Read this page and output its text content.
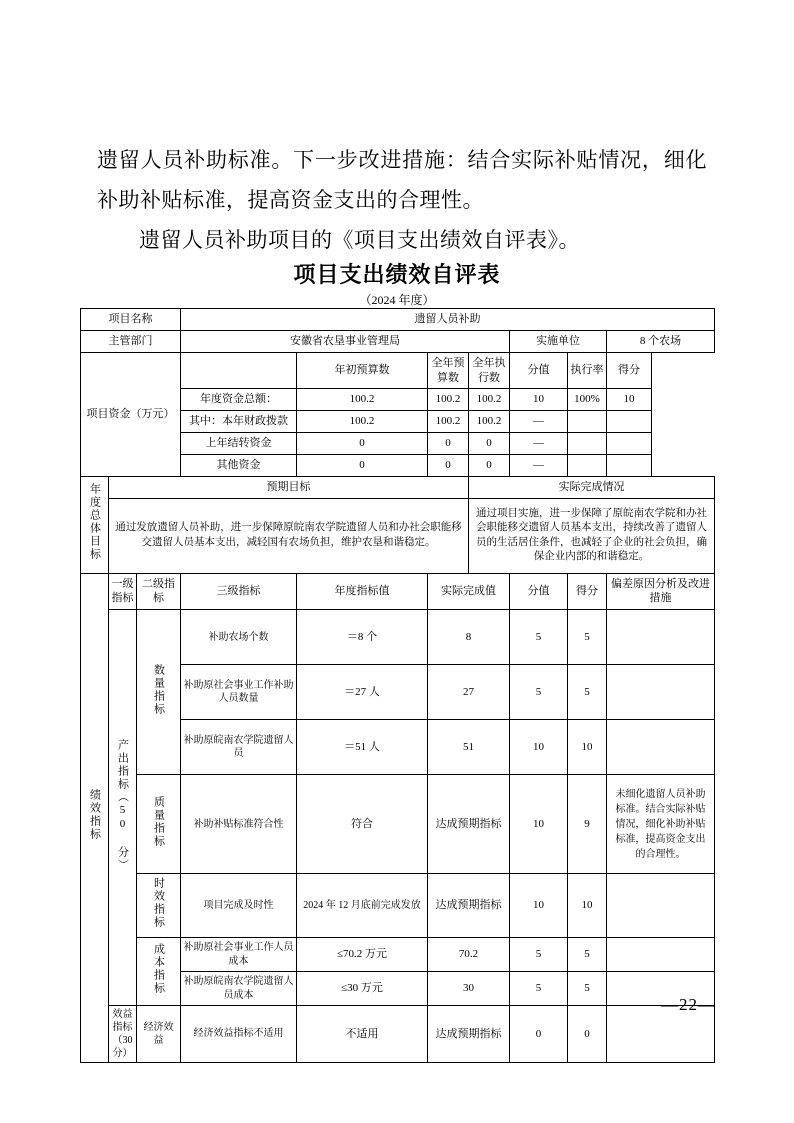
遗留人员补助标准。下一步改进措施：结合实际补贴情况，细化补助补贴标准，提高资金支出的合理性。

遗留人员补助项目的《项目支出绩效自评表》。

项目支出绩效自评表
（2024 年度）
项目名称			遗留人员补助						
主管部门			安徽省农垦事业管理局				实施单位		8 个农场
项目资金（万元）				年初预算数	全年预算数	全年执行数	分值	执行率	得分
			年度资金总额：	100.2	100.2	100.2	10	100%	10
			其中：本年财政拨款	100.2	100.2	100.2	—		
			上年结转资金	0	0	0	—		
			其他资金	0	0	0	—		
年度总体目标	预期目标					实际完成情况			
	通过发放遗留人员补助，进一步保障原皖南农学院遗留人员和办社会职能移交遗留人员基本支出，减轻国有农场负担，维护农垦和谐稳定。					通过项目实施，进一步保障了原皖南农学院和办社会职能移交遗留人员基本支出，持续改善了遗留人员的生活居住条件，也减轻了企业的社会负担，确保企业内部的和谐稳定。			
绩效指标	一级指标	二级指标	三级指标	年度指标值	实际完成值		分值	得分	偏差原因分析及改进措施
	产出指标（50 分）	数量指标	补助农场个数	＝8 个	8		5	5	
			补助原社会事业工作补助人员数量	＝27 人	27		5	5	
			补助原皖南农学院遗留人员	＝51 人	51		10	10	
		质量指标	补助补贴标准符合性	符合	达成预期指标		10	9	未细化遗留人员补助标准。结合实际补贴情况，细化补助补贴标准，提高资金支出的合理性。
		时效指标	项目完成及时性	2024 年 12 月底前完成发放	达成预期指标		10	10	
		成本指标	补助原社会事业工作人员成本	≤70.2 万元	70.2		5	5	
			补助原皖南农学院遗留人员成本	≤30 万元	30		5	5	
	效益指标（30 分）	经济效益	经济效益指标不适用	不适用	达成预期指标		0	0	
—22—
